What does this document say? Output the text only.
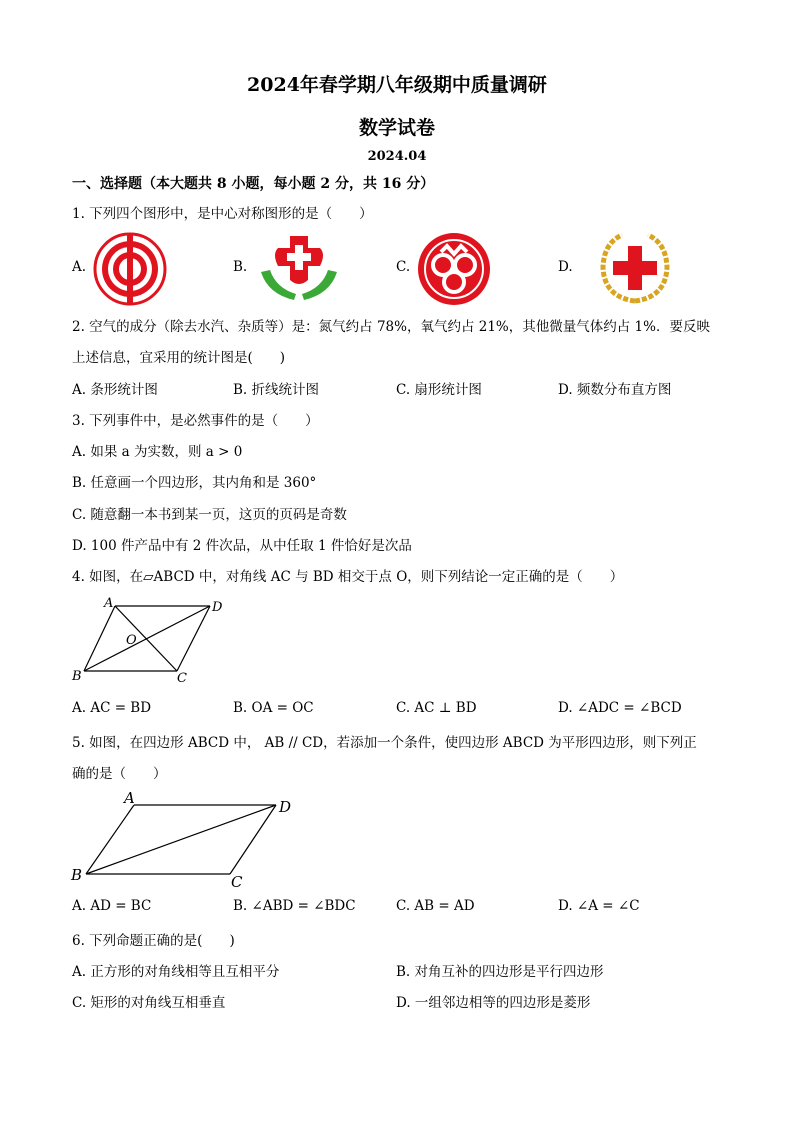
2024年春学期八年级期中质量调研
数学试卷
2024.04
一、选择题（本大题共 8 小题，每小题 2 分，共 16 分）
1. 下列四个图形中，是中心对称图形的是（　　）
A.	B.	C.	D.
2. 空气的成分（除去水汽、杂质等）是：氮气约占 78%，氧气约占 21%，其他微量气体约占 1%．要反映
上述信息，宜采用的统计图是(　　)
A. 条形统计图	B. 折线统计图	C. 扇形统计图	D. 频数分布直方图
3. 下列事件中，是必然事件的是（　　）
A. 如果 a 为实数，则 a > 0
B. 任意画一个四边形，其内角和是 360°
C. 随意翻一本书到某一页，这页的页码是奇数
D. 100 件产品中有 2 件次品，从中任取 1 件恰好是次品
4. 如图，在▱ABCD 中，对角线 AC 与 BD 相交于点 O，则下列结论一定正确的是（　　）
A	D
O
B	C
A. AC = BD	B. OA = OC	C. AC ⊥ BD	D. ∠ADC = ∠BCD
5. 如图，在四边形 ABCD 中， AB // CD，若添加一个条件，使四边形 ABCD 为平形四边形，则下列正
确的是（　　）
A	D
B	C
A. AD = BC	B. ∠ABD = ∠BDC	C. AB = AD	D. ∠A = ∠C
6. 下列命题正确的是(　　)
A. 正方形的对角线相等且互相平分	B. 对角互补的四边形是平行四边形
C. 矩形的对角线互相垂直	D. 一组邻边相等的四边形是菱形
